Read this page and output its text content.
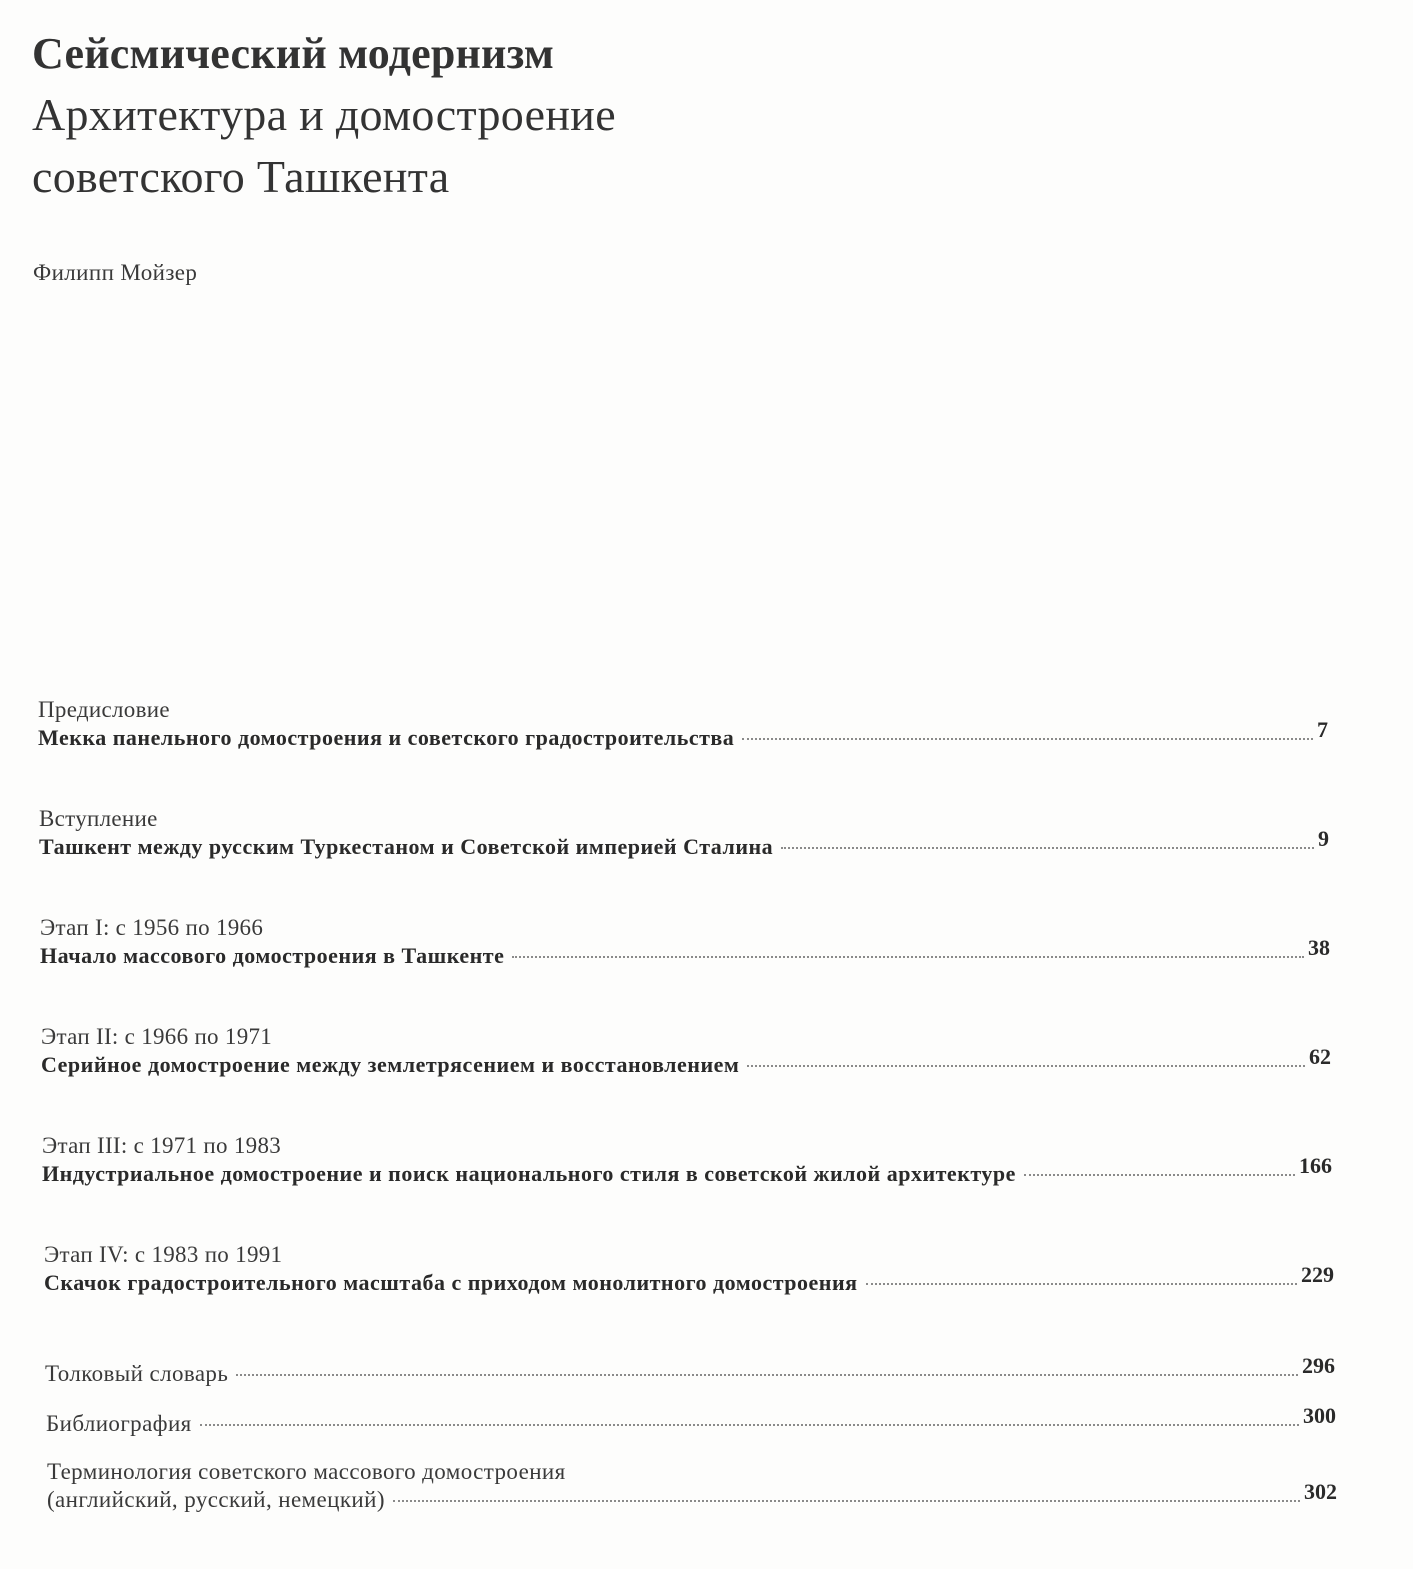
Сейсмический модернизм
Архитектура и домостроение
советского Ташкента
Филипп Мойзер
Предисловие
Мекка панельного домостроения и советского градостроительства	7
Вступление
Ташкент между русским Туркестаном и Советской империей Сталина	9
Этап I: с 1956 по 1966
Начало массового домостроения в Ташкенте	38
Этап II: с 1966 по 1971
Серийное домостроение между землетрясением и восстановлением	62
Этап III: с 1971 по 1983
Индустриальное домостроение и поиск национального стиля в советской жилой архитектуре	166
Этап IV: с 1983 по 1991
Скачок градостроительного масштаба с приходом монолитного домостроения	229
Толковый словарь	296
Библиография	300
Терминология советского массового домостроения
(английский, русский, немецкий)	302
